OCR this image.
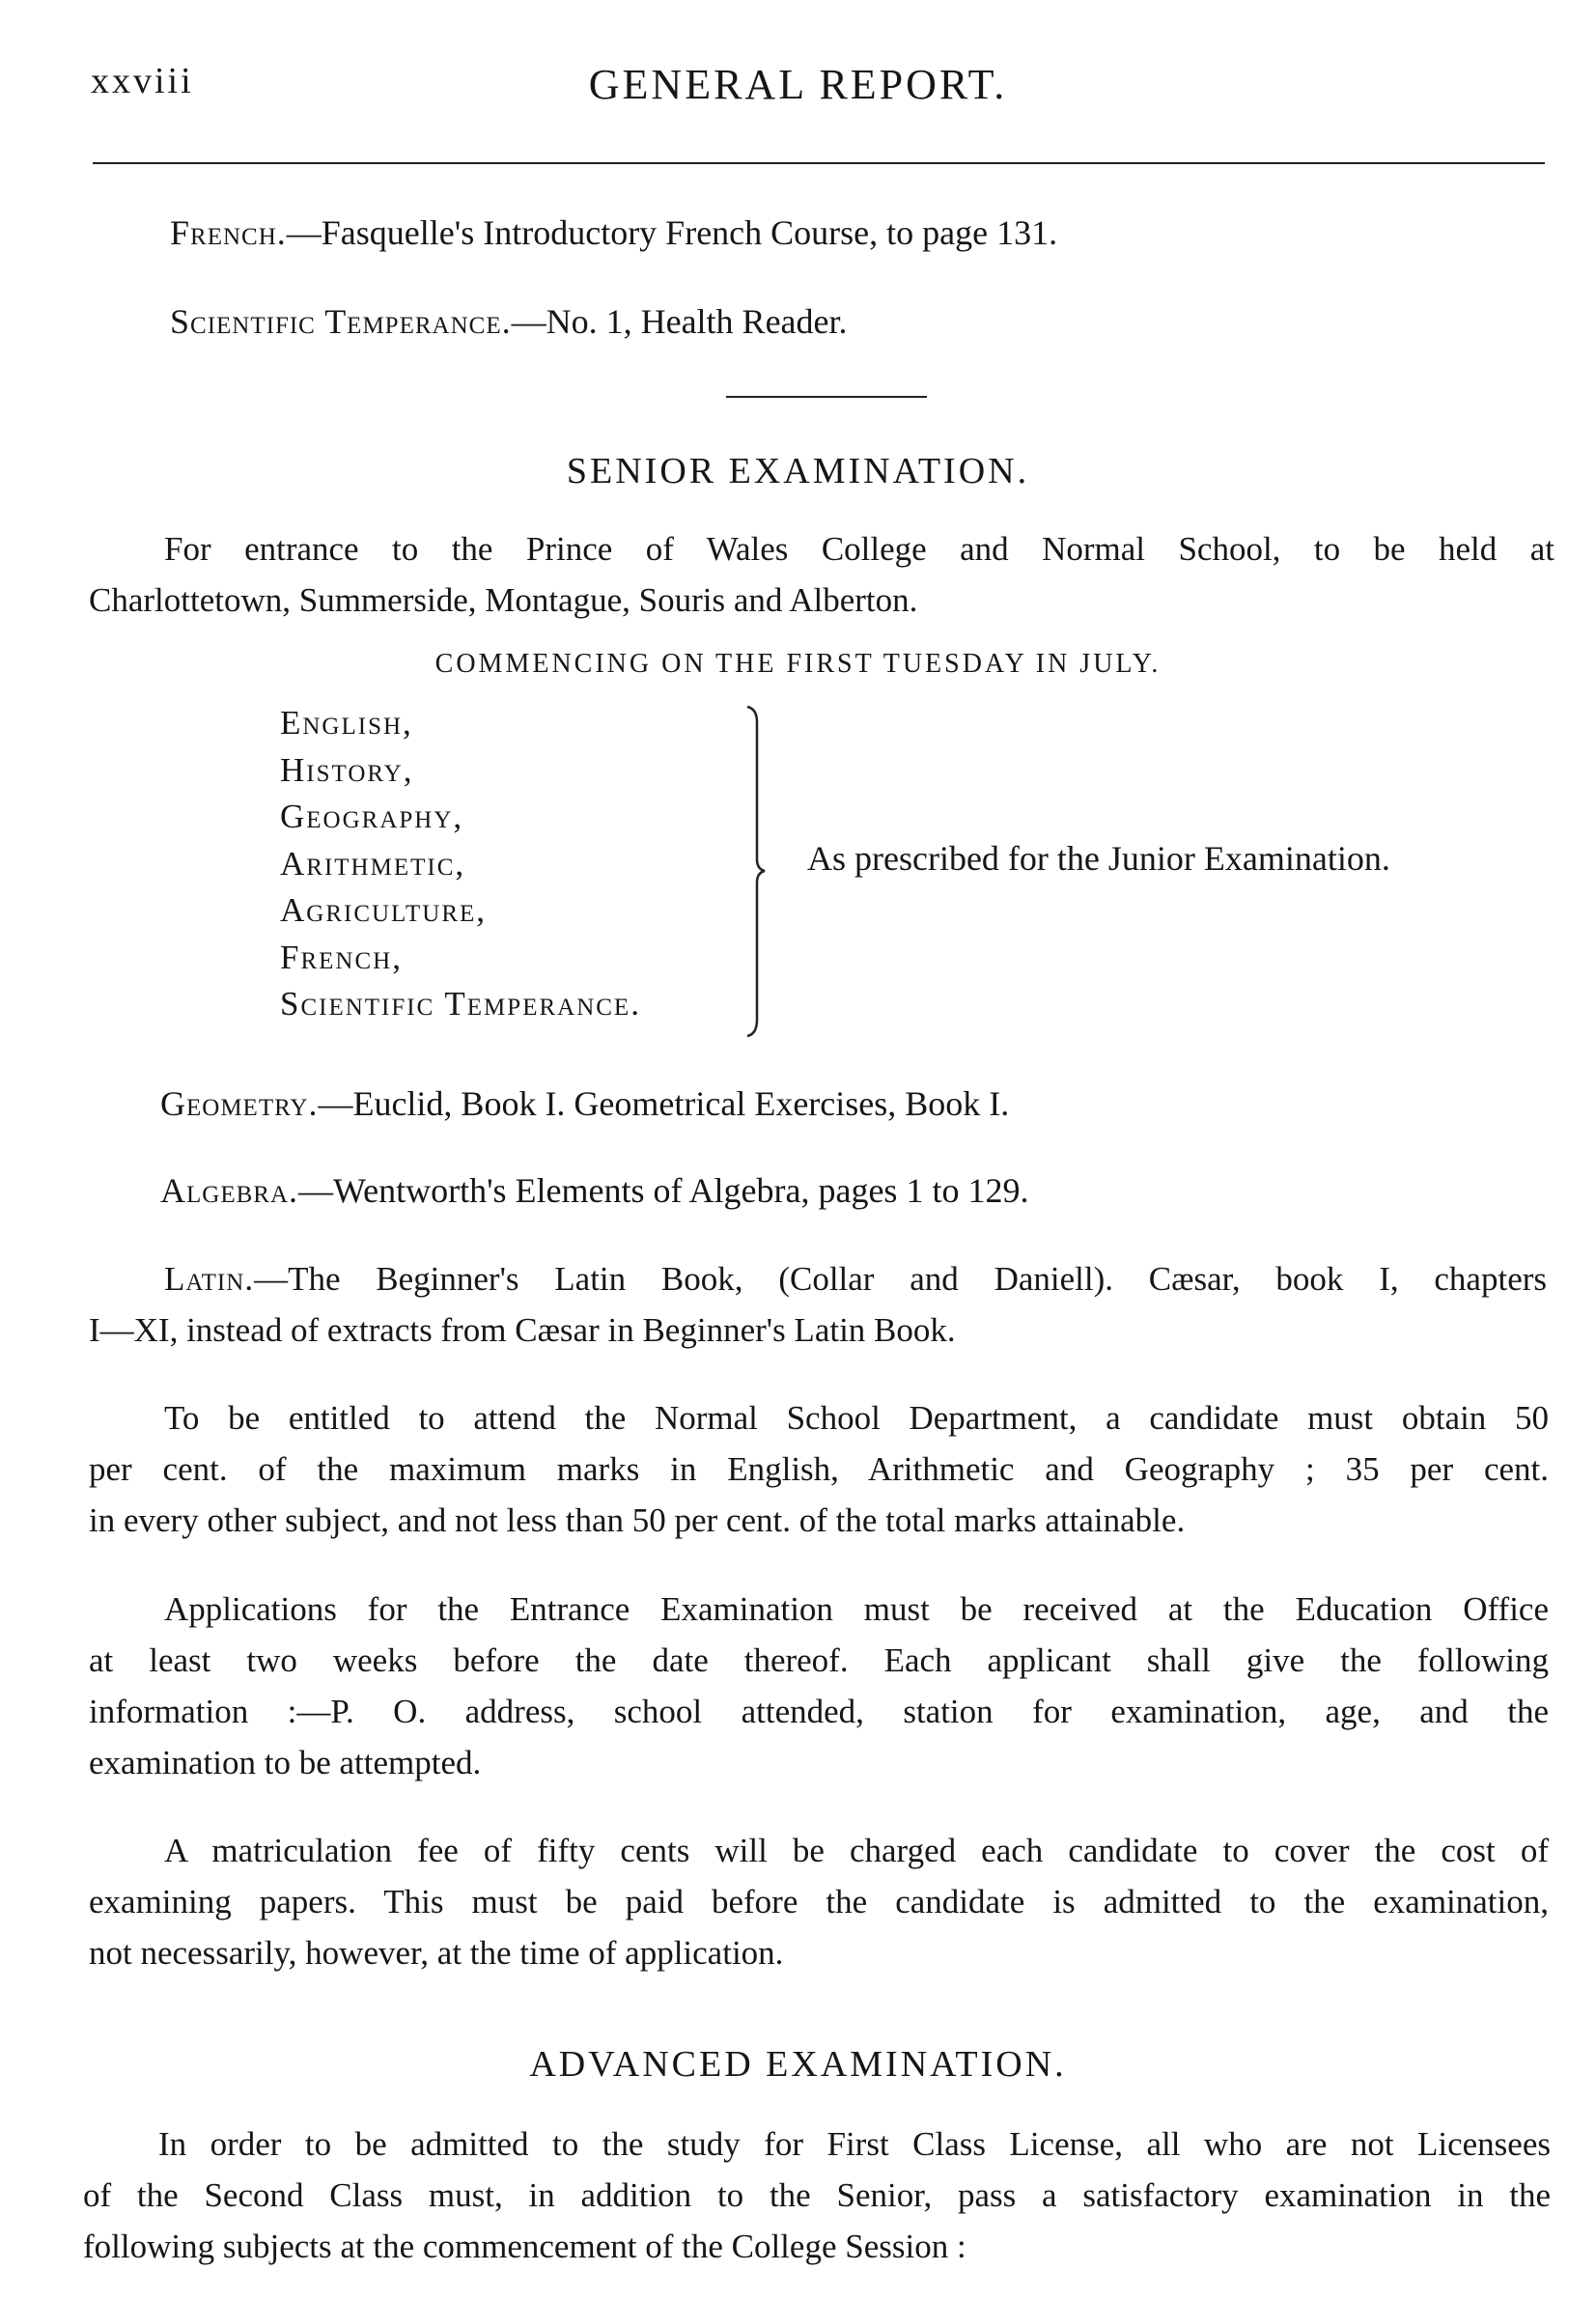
xxviii	GENERAL REPORT.
French.—Fasquelle's Introductory French Course, to page 131.
Scientific Temperance.—No. 1, Health Reader.
SENIOR EXAMINATION.
For entrance to the Prince of Wales College and Normal School, to be held at
Charlottetown, Summerside, Montague, Souris and Alberton.
COMMENCING ON THE FIRST TUESDAY IN JULY.
English,
History,
Geography,
Arithmetic,
Agriculture,
French,
Scientific Temperance.
As prescribed for the Junior Examination.
Geometry.—Euclid, Book I. Geometrical Exercises, Book I.
Algebra.—Wentworth's Elements of Algebra, pages 1 to 129.
Latin.—The Beginner's Latin Book, (Collar and Daniell). Cæsar, book I, chapters
I—XI, instead of extracts from Cæsar in Beginner's Latin Book.
To be entitled to attend the Normal School Department, a candidate must obtain 50
per cent. of the maximum marks in English, Arithmetic and Geography ; 35 per cent.
in every other subject, and not less than 50 per cent. of the total marks attainable.
Applications for the Entrance Examination must be received at the Education Office
at least two weeks before the date thereof. Each applicant shall give the following
information :—P. O. address, school attended, station for examination, age, and the
examination to be attempted.
A matriculation fee of fifty cents will be charged each candidate to cover the cost of
examining papers. This must be paid before the candidate is admitted to the examination,
not necessarily, however, at the time of application.
ADVANCED EXAMINATION.
In order to be admitted to the study for First Class License, all who are not Licensees
of the Second Class must, in addition to the Senior, pass a satisfactory examination in the
following subjects at the commencement of the College Session :
